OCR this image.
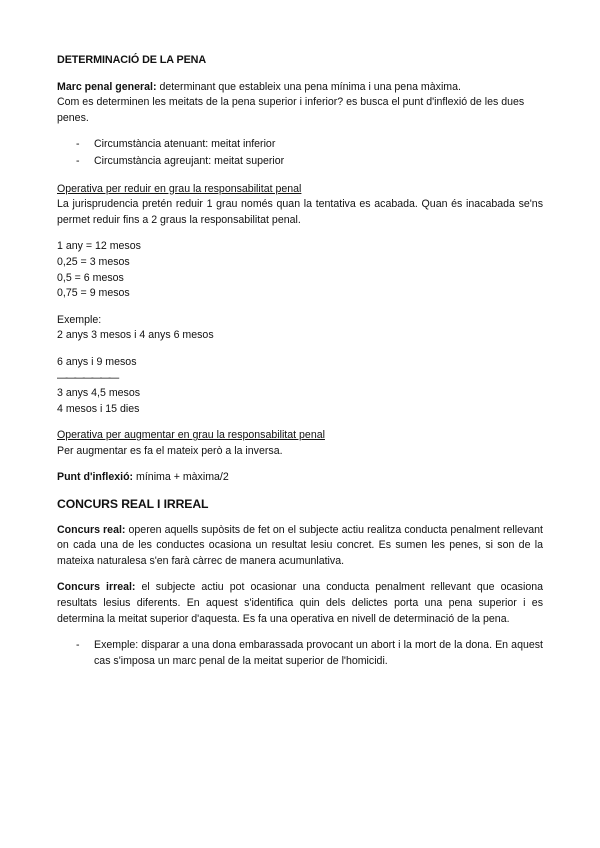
DETERMINACIÓ DE LA PENA

Marc penal general: determinant que estableix una pena mínima i una pena màxima.
Com es determinen les meitats de la pena superior i inferior? es busca el punt d'inflexió de les dues penes.

- Circumstància atenuant: meitat inferior
- Circumstància agreujant: meitat superior

Operativa per reduir en grau la responsabilitat penal
La jurisprudencia pretén reduir 1 grau només quan la tentativa es acabada. Quan és inacabada se'ns permet reduir fins a 2 graus la responsabilitat penal.

1 any = 12 mesos
0,25 = 3 mesos
0,5 = 6 mesos
0,75 = 9 mesos

Exemple:
2 anys 3 mesos i 4 anys 6 mesos

6 anys i 9 mesos
———————
3 anys 4,5 mesos
4 mesos i 15 dies

Operativa per augmentar en grau la responsabilitat penal
Per augmentar es fa el mateix però a la inversa.

Punt d'inflexió: mínima + màxima/2

CONCURS REAL I IRREAL

Concurs real: operen aquells supòsits de fet on el subjecte actiu realitza conducta penalment rellevant on cada una de les conductes ocasiona un resultat lesiu concret. Es sumen les penes, si son de la mateixa naturalesa s'en farà càrrec de manera acumunlativa.

Concurs irreal: el subjecte actiu pot ocasionar una conducta penalment rellevant que ocasiona resultats lesius diferents. En aquest s'identifica quin dels delictes porta una pena superior i es determina la meitat superior d'aquesta. Es fa una operativa en nivell de determinació de la pena.

- Exemple: disparar a una dona embarassada provocant un abort i la mort de la dona. En aquest cas s'imposa un marc penal de la meitat superior de l'homicidi.
